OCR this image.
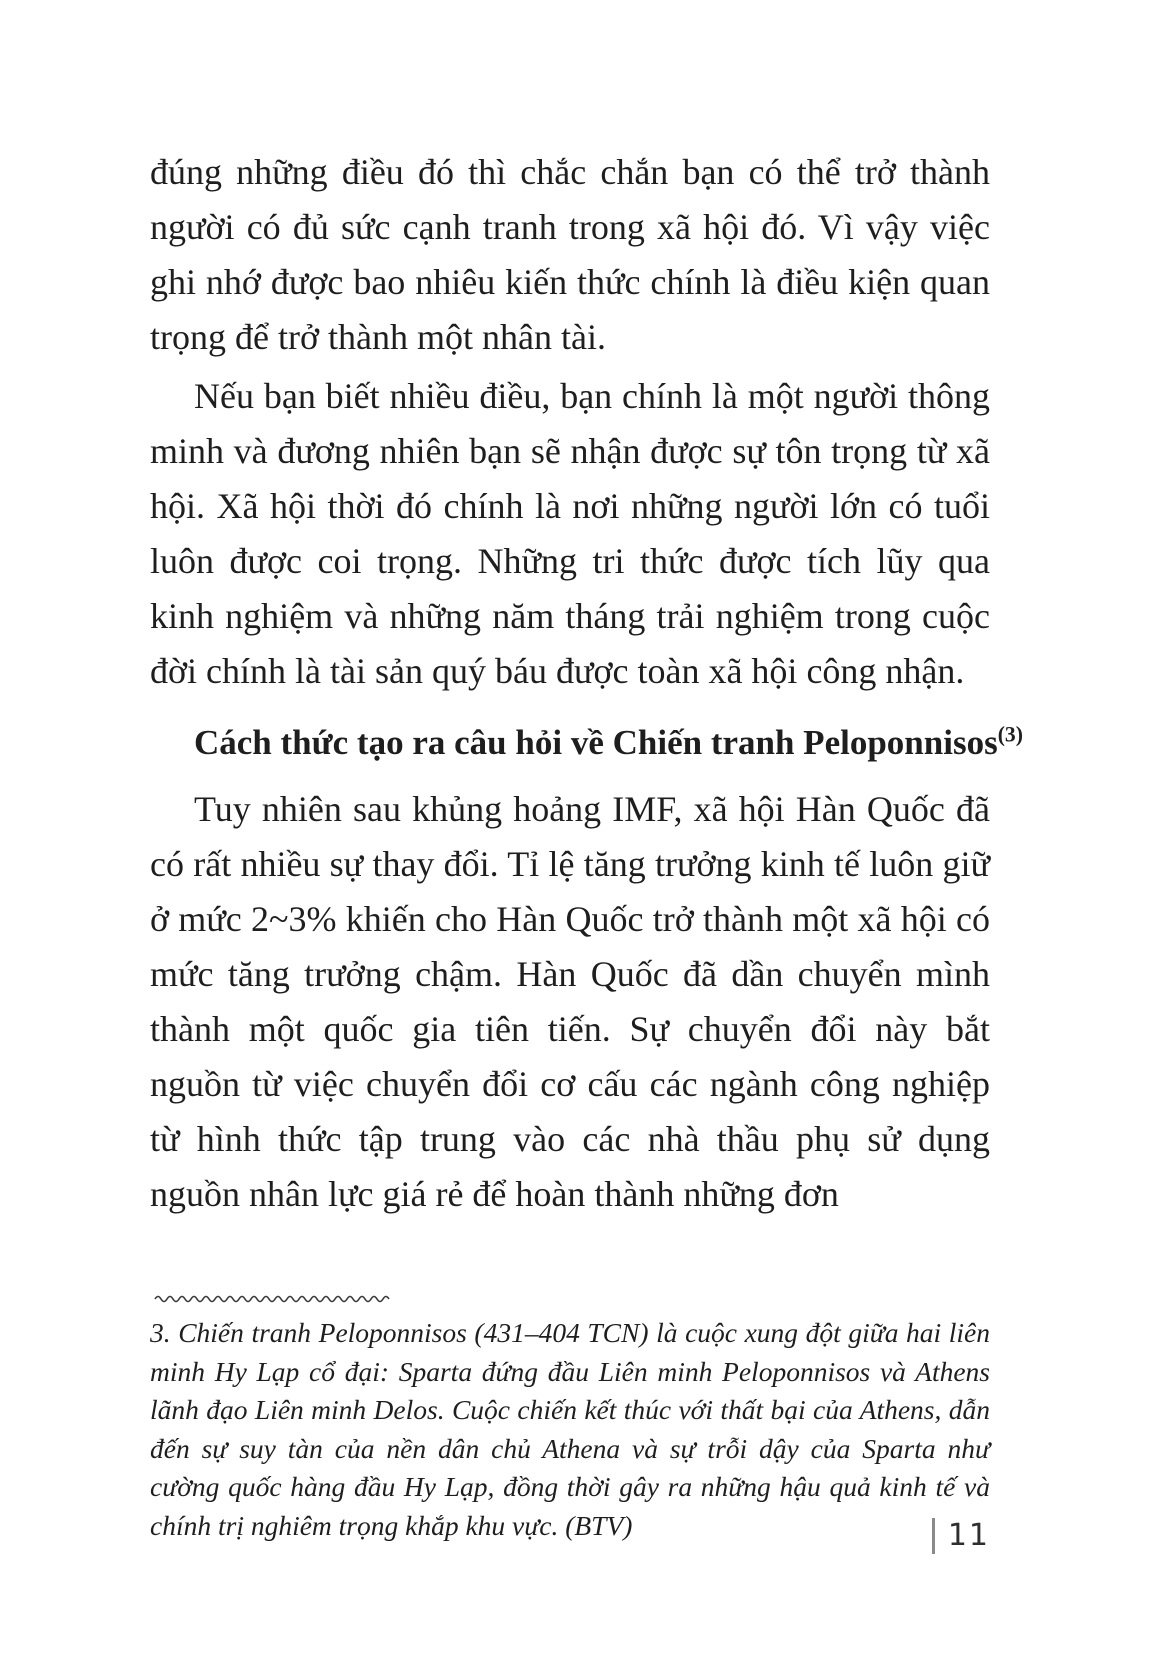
đúng những điều đó thì chắc chắn bạn có thể trở thành người có đủ sức cạnh tranh trong xã hội đó. Vì vậy việc ghi nhớ được bao nhiêu kiến thức chính là điều kiện quan trọng để trở thành một nhân tài.

Nếu bạn biết nhiều điều, bạn chính là một người thông minh và đương nhiên bạn sẽ nhận được sự tôn trọng từ xã hội. Xã hội thời đó chính là nơi những người lớn có tuổi luôn được coi trọng. Những tri thức được tích lũy qua kinh nghiệm và những năm tháng trải nghiệm trong cuộc đời chính là tài sản quý báu được toàn xã hội công nhận.

Cách thức tạo ra câu hỏi về Chiến tranh Peloponnisos$^{(3)}$

Tuy nhiên sau khủng hoảng IMF, xã hội Hàn Quốc đã có rất nhiều sự thay đổi. Tỉ lệ tăng trưởng kinh tế luôn giữ ở mức 2~3% khiến cho Hàn Quốc trở thành một xã hội có mức tăng trưởng chậm. Hàn Quốc đã dần chuyển mình thành một quốc gia tiên tiến. Sự chuyển đổi này bắt nguồn từ việc chuyển đổi cơ cấu các ngành công nghiệp từ hình thức tập trung vào các nhà thầu phụ sử dụng nguồn nhân lực giá rẻ để hoàn thành những đơn

3. Chiến tranh Peloponnisos (431–404 TCN) là cuộc xung đột giữa hai liên minh Hy Lạp cổ đại: Sparta đứng đầu Liên minh Peloponnisos và Athens lãnh đạo Liên minh Delos. Cuộc chiến kết thúc với thất bại của Athens, dẫn đến sự suy tàn của nền dân chủ Athena và sự trỗi dậy của Sparta như cường quốc hàng đầu Hy Lạp, đồng thời gây ra những hậu quả kinh tế và chính trị nghiêm trọng khắp khu vực. (BTV)	11
